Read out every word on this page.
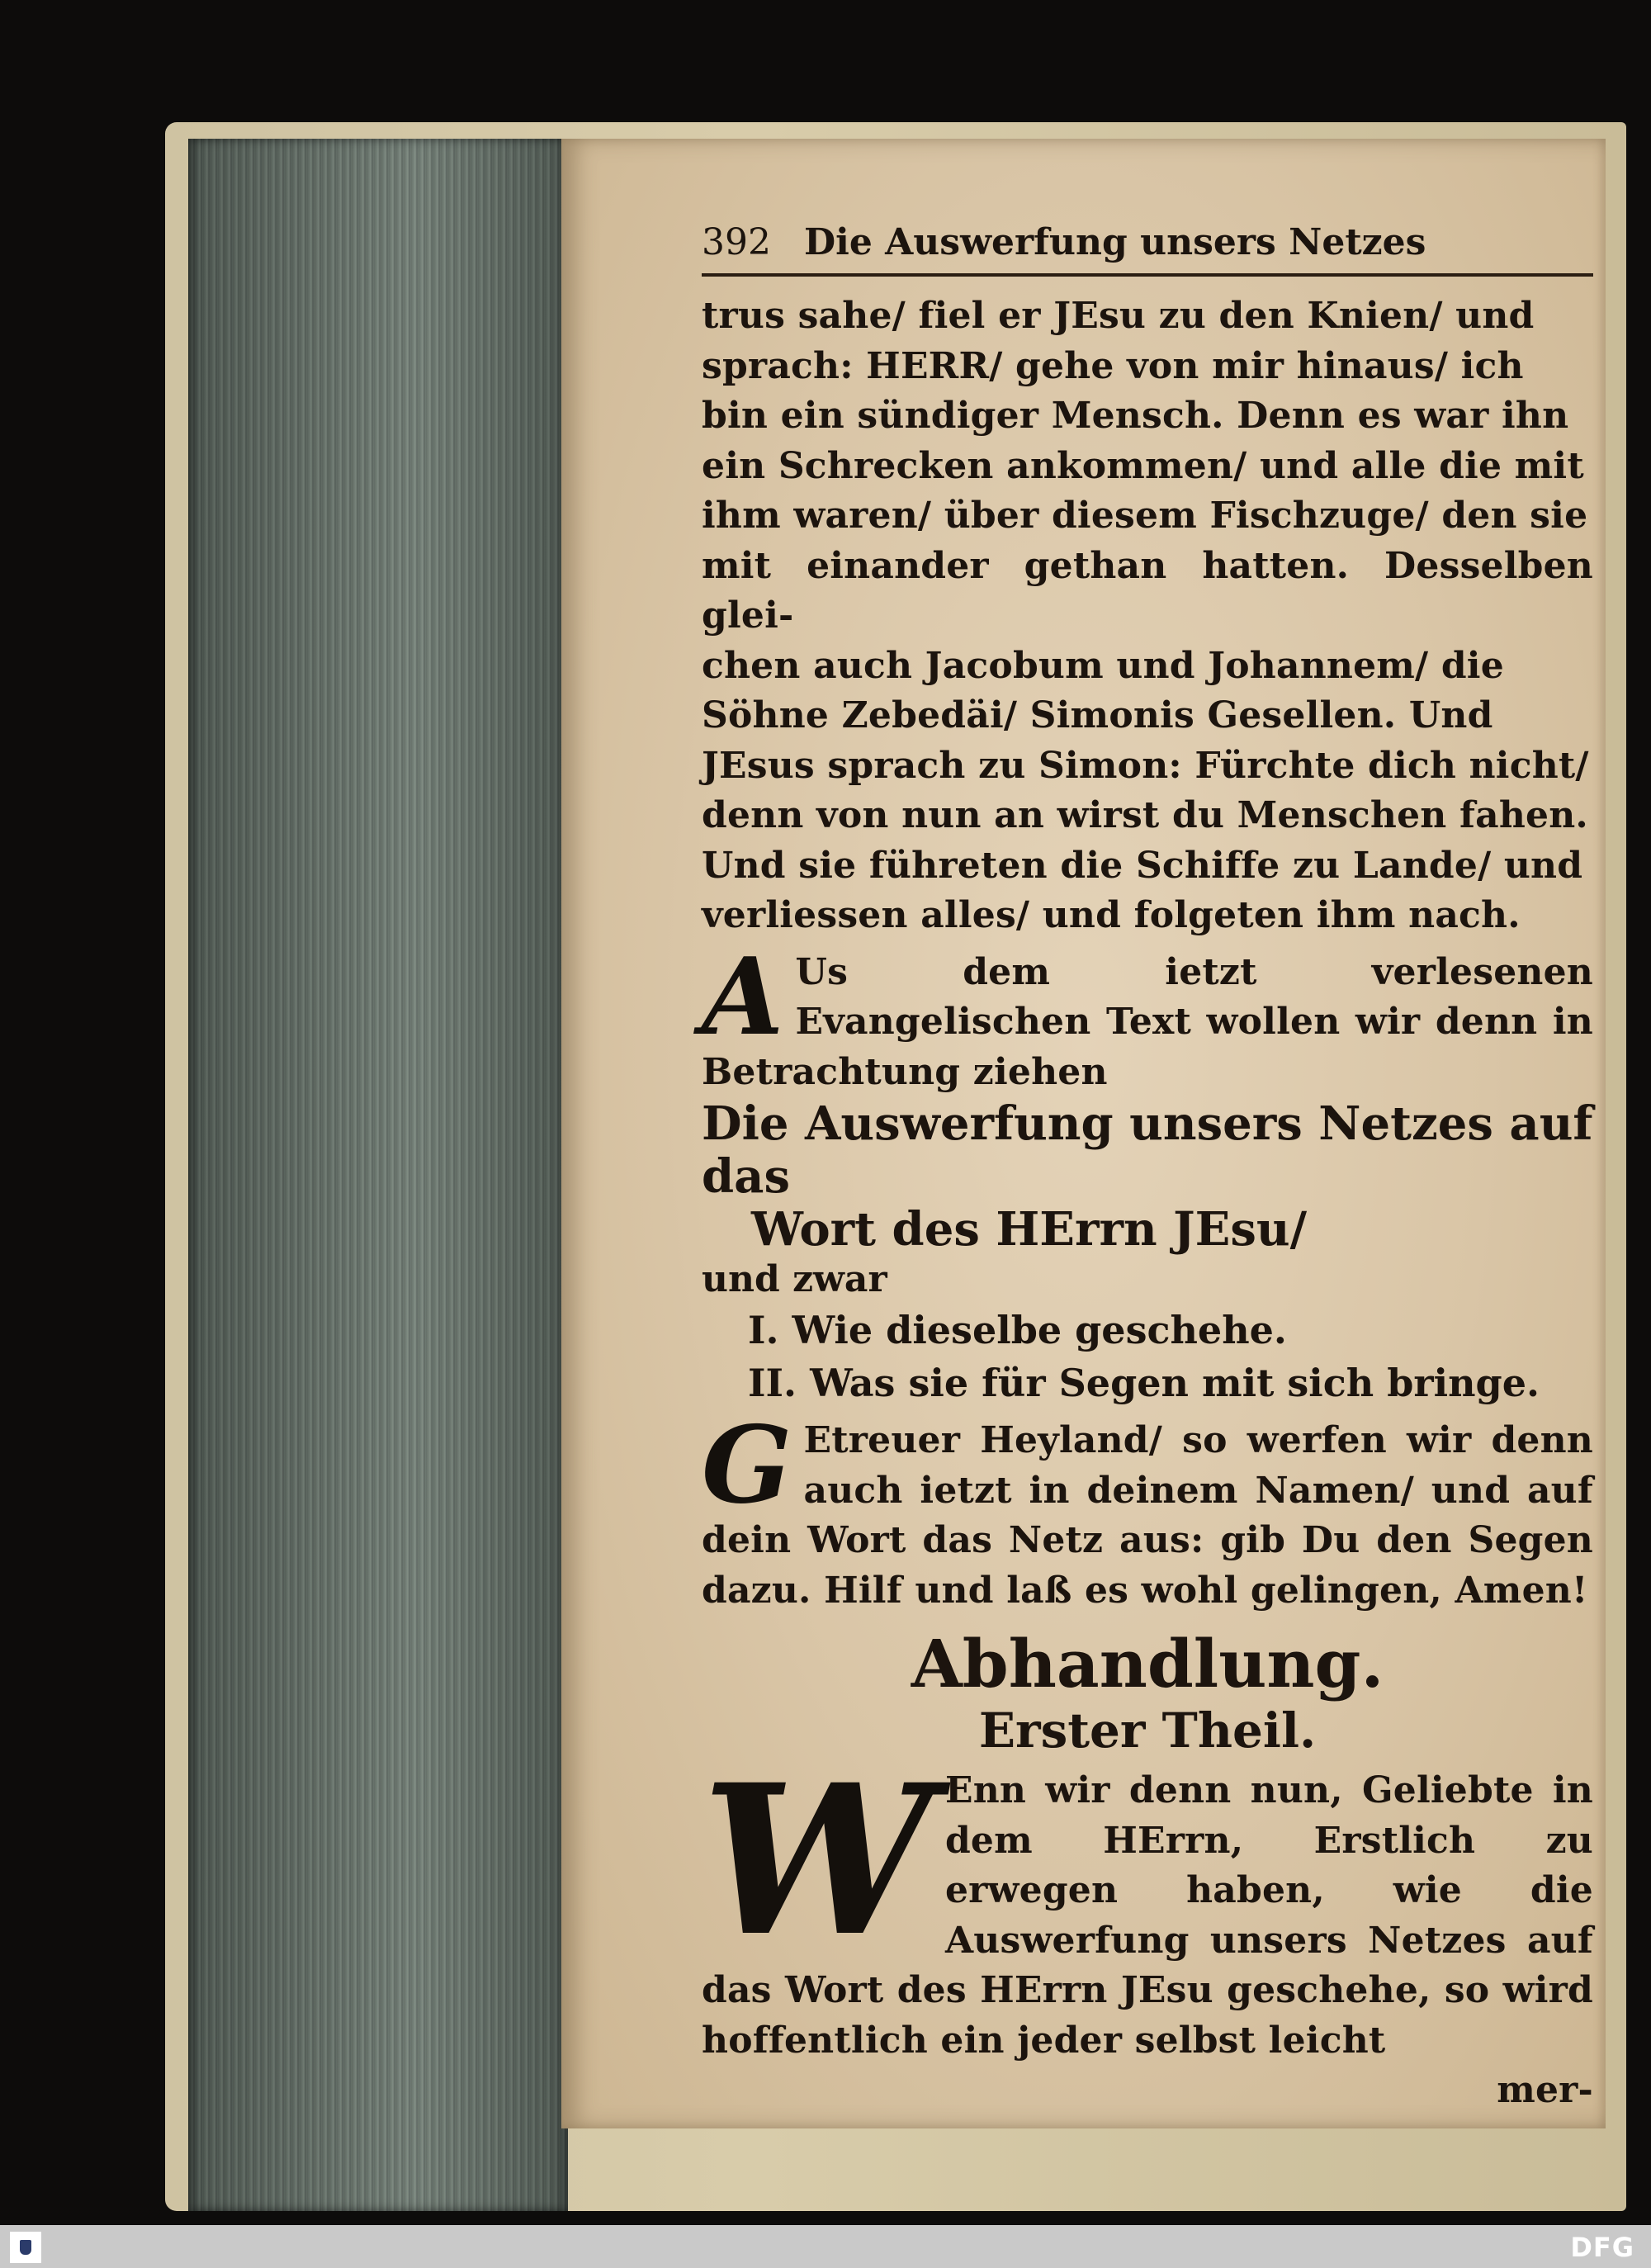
392 Die Auswerfung unsers Netzes

trus sahe/ fiel er JEsu zu den Knien/ und

sprach: HERR/ gehe von mir hinaus/ ich

bin ein sündiger Mensch. Denn es war ihn

ein Schrecken ankommen/ und alle die mit

ihm waren/ über diesem Fischzuge/ den sie

mit einander gethan hatten. Desselben glei-

chen auch Jacobum und Johannem/ die

Söhne Zebedäi/ Simonis Gesellen. Und

JEsus sprach zu Simon: Fürchte dich nicht/

denn von nun an wirst du Menschen fahen.

Und sie führeten die Schiffe zu Lande/ und

verliessen alles/ und folgeten ihm nach.

A Us dem ietzt verlesenen Evangelischen Text wollen wir denn in Betrachtung ziehen
Die Auswerfung unsers Netzes auf das
Wort des HErrn JEsu/
und zwar
I. Wie dieselbe geschehe.
II. Was sie für Segen mit sich bringe.
G Etreuer Heyland/ so werfen wir denn auch ietzt in deinem Namen/ und auf dein Wort das Netz aus: gib Du den Segen dazu. Hilf und laß es wohl gelingen, Amen!
Abhandlung.
Erster Theil.
W Enn wir denn nun, Geliebte in dem HErrn, Erstlich zu erwegen haben, wie die Auswerfung unsers Netzes auf das Wort des HErrn JEsu geschehe, so wird hoffentlich ein jeder selbst leicht
mer-
DFG
